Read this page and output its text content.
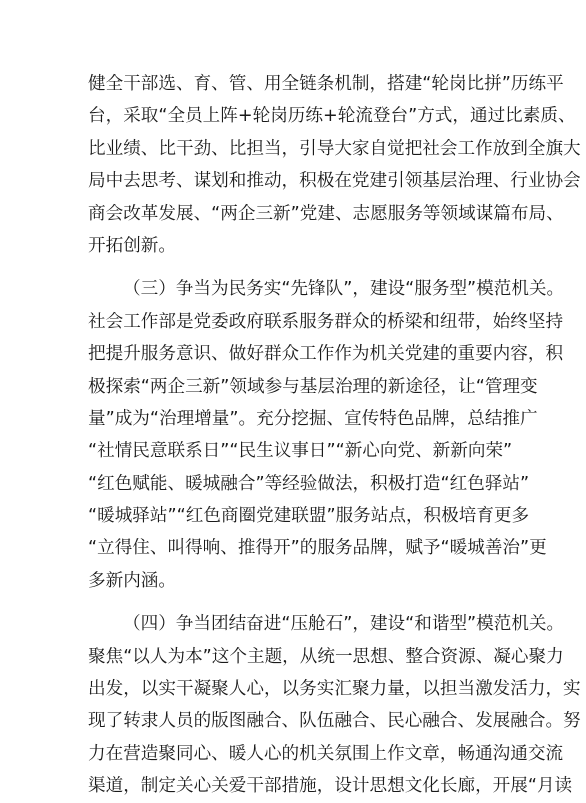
健全干部选、育、管、用全链条机制，搭建“轮岗比拼”历练平
台，采取“全员上阵+轮岗历练+轮流登台”方式，通过比素质、
比业绩、比干劲、比担当，引导大家自觉把社会工作放到全旗大
局中去思考、谋划和推动，积极在党建引领基层治理、行业协会
商会改革发展、“两企三新”党建、志愿服务等领域谋篇布局、
开拓创新。
（三）争当为民务实“先锋队”，建设“服务型”模范机关。
社会工作部是党委政府联系服务群众的桥梁和纽带，始终坚持
把提升服务意识、做好群众工作作为机关党建的重要内容，积
极探索“两企三新”领域参与基层治理的新途径，让“管理变
量”成为“治理增量”。充分挖掘、宣传特色品牌，总结推广
“社情民意联系日”“民生议事日”“新心向党、新新向荣”
“红色赋能、暖城融合”等经验做法，积极打造“红色驿站”
“暖城驿站”“红色商圈党建联盟”服务站点，积极培育更多
“立得住、叫得响、推得开”的服务品牌，赋予“暖城善治”更
多新内涵。
（四）争当团结奋进“压舱石”，建设“和谐型”模范机关。
聚焦“以人为本”这个主题，从统一思想、整合资源、凝心聚力
出发，以实干凝聚人心，以务实汇聚力量，以担当激发活力，实
现了转隶人员的版图融合、队伍融合、民心融合、发展融合。努
力在营造聚同心、暖人心的机关氛围上作文章，畅通沟通交流
渠道，制定关心关爱干部措施，设计思想文化长廊，开展“月读
